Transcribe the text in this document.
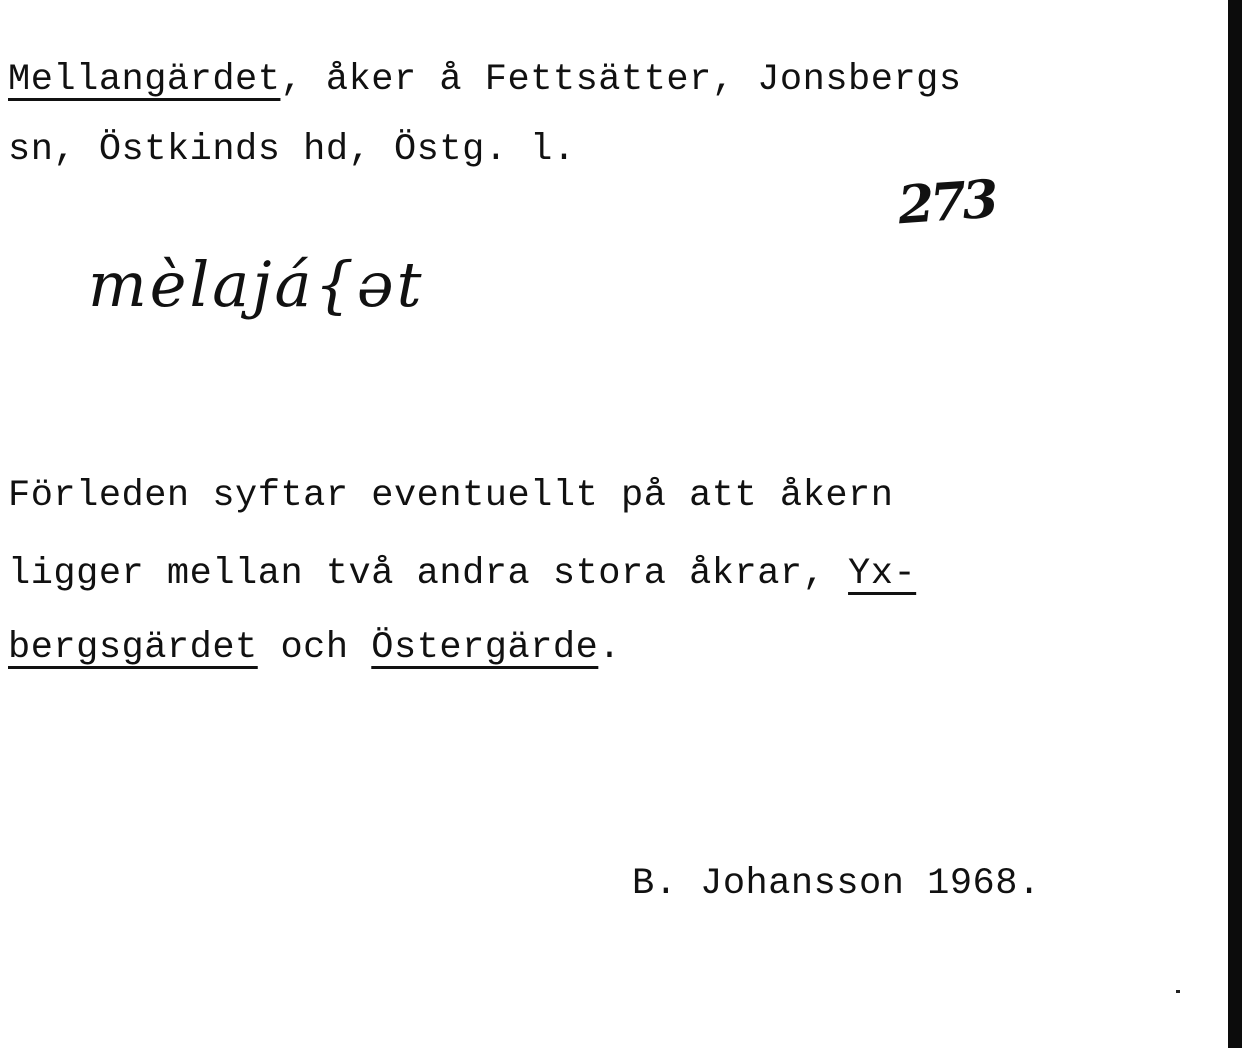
Mellangärdet, åker å Fettsätter, Jonsbergs
sn, Östkinds hd, Östg. l.
273
mèlajá{ət
Förleden syftar eventuellt på att åkern
ligger mellan två andra stora åkrar, Yx-
bergsgärdet och Östergärde.
B. Johansson 1968.
